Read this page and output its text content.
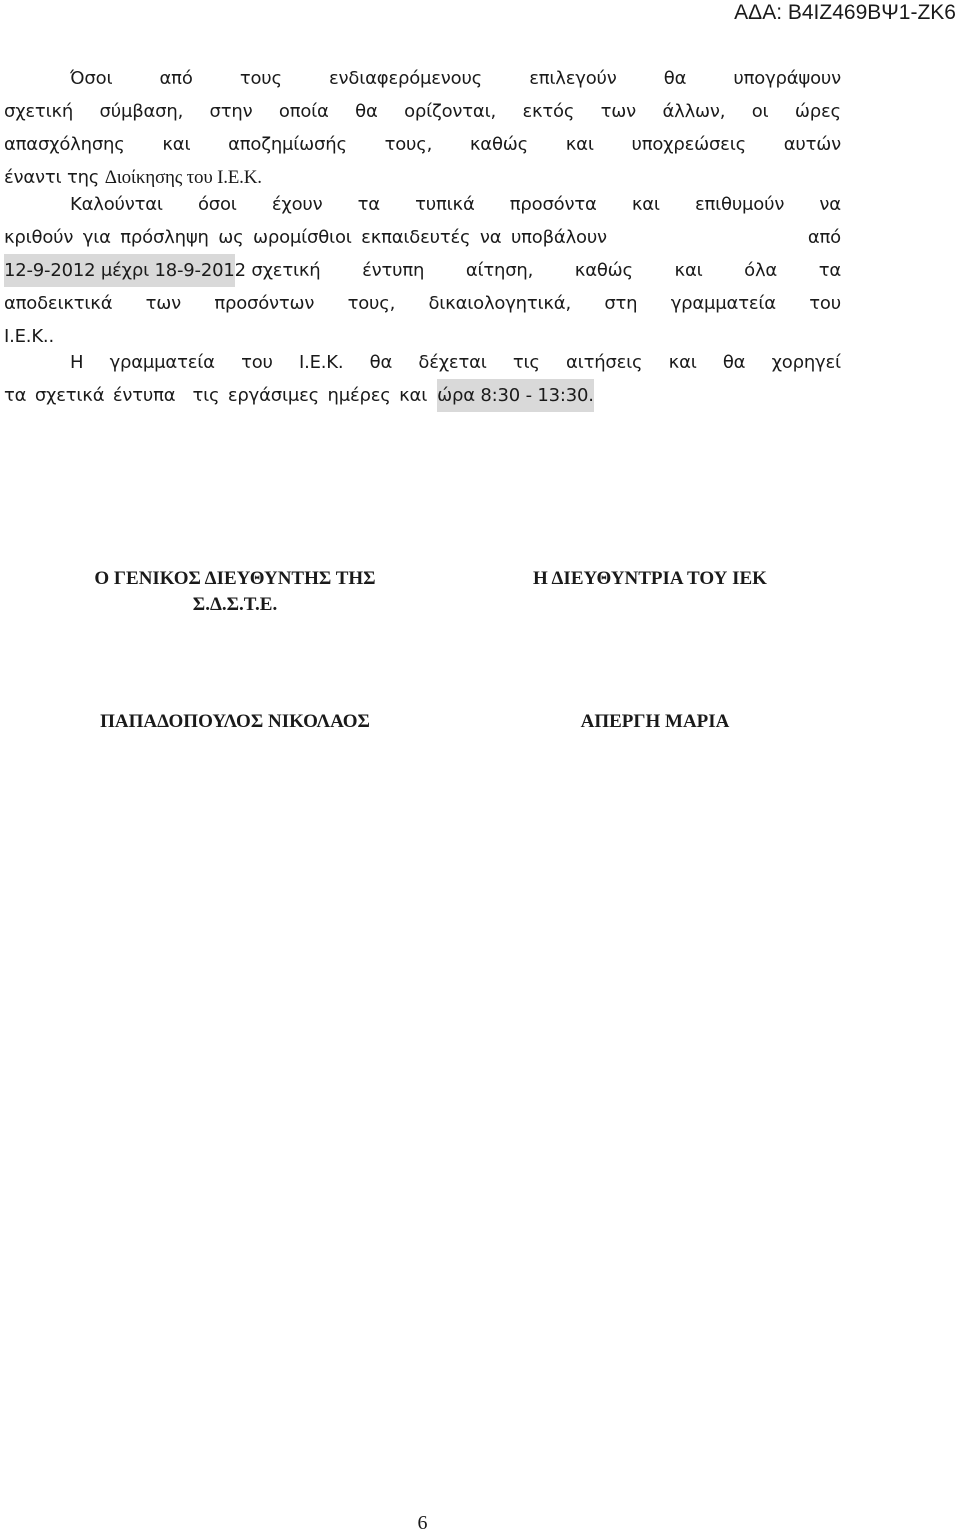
ΑΔΑ: Β4ΙΖ469ΒΨ1-ΖΚ6
Όσοι	από	τους	ενδιαφερόμενους	επιλεγούν	θα	υπογράψουν
σχετική σύμβαση, στην οποία θα ορίζονται, εκτός των άλλων, οι ώρες
απασχόλησης και αποζημίωσής τους, καθώς και υποχρεώσεις αυτών
έναντι της Διοίκησης του Ι.Ε.Κ.
Καλούνται όσοι έχουν τα τυπικά προσόντα και επιθυμούν να
κριθούν για πρόσληψη ως ωρομίσθιοι εκπαιδευτές να υποβάλουν	από
12-9-2012 μέχρι 18-9-201 2 σχετική έντυπη αίτηση, καθώς και όλα τα
αποδεικτικά των προσόντων τους, δικαιολογητικά, στη γραμματεία του
Ι.Ε.Κ..
Η γραμματεία του Ι.Ε.Κ. θα δέχεται τις αιτήσεις και θα χορηγεί
τα σχετικά έντυπα  τις εργάσιμες ημέρες και ώρα 8:30 - 13:30.
Ο ΓΕΝΙΚΟΣ ΔΙΕΥΘΥΝΤΗΣ ΤΗΣ
Σ.Δ.Σ.Τ.Ε.
Η ΔΙΕΥΘΥΝΤΡΙΑ ΤΟΥ ΙΕΚ
ΠΑΠΑΔΟΠΟΥΛΟΣ ΝΙΚΟΛΑΟΣ	ΑΠΕΡΓΗ ΜΑΡΙΑ
6
